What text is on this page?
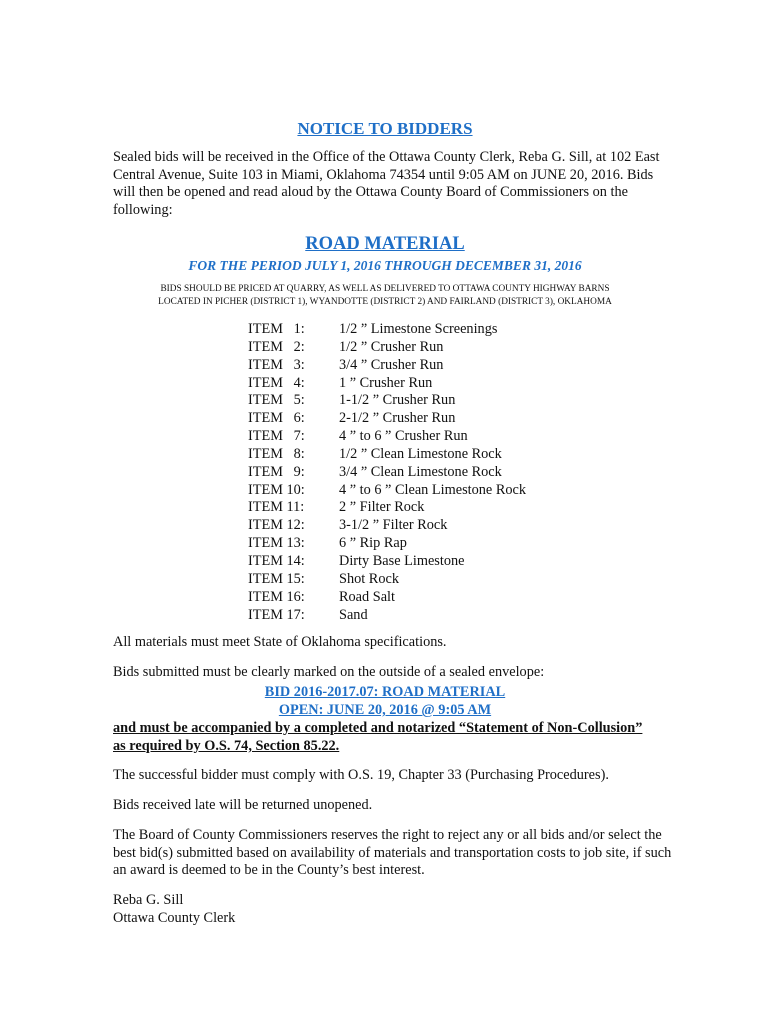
NOTICE TO BIDDERS
Sealed bids will be received in the Office of the Ottawa County Clerk, Reba G. Sill, at 102 East Central Avenue, Suite 103 in Miami, Oklahoma 74354 until 9:05 AM on JUNE 20, 2016. Bids will then be opened and read aloud by the Ottawa County Board of Commissioners on the following:
ROAD MATERIAL
FOR THE PERIOD JULY 1, 2016 THROUGH DECEMBER 31, 2016
BIDS SHOULD BE PRICED AT QUARRY, AS WELL AS DELIVERED TO OTTAWA COUNTY HIGHWAY BARNS
LOCATED IN PICHER (DISTRICT 1), WYANDOTTE (DISTRICT 2) AND FAIRLAND (DISTRICT 3), OKLAHOMA
ITEM   1:	1/2 ” Limestone Screenings
ITEM   2:	1/2 ” Crusher Run
ITEM   3:	3/4 ” Crusher Run
ITEM   4:	1 ” Crusher Run
ITEM   5:	1-1/2 ” Crusher Run
ITEM   6:	2-1/2 ” Crusher Run
ITEM   7:	4 ” to 6 ” Crusher Run
ITEM   8:	1/2 ” Clean Limestone Rock
ITEM   9:	3/4 ” Clean Limestone Rock
ITEM 10:	4 ” to 6 ” Clean Limestone Rock
ITEM 11:	2 ” Filter Rock
ITEM 12:	3-1/2 ” Filter Rock
ITEM 13:	6 ” Rip Rap
ITEM 14:	Dirty Base Limestone
ITEM 15:	Shot Rock
ITEM 16:	Road Salt
ITEM 17:	Sand
All materials must meet State of Oklahoma specifications.
Bids submitted must be clearly marked on the outside of a sealed envelope:
BID 2016-2017.07: ROAD MATERIAL
OPEN: JUNE 20, 2016 @ 9:05 AM
and must be accompanied by a completed and notarized “Statement of Non-Collusion” as required by O.S. 74, Section 85.22.
The successful bidder must comply with O.S. 19, Chapter 33 (Purchasing Procedures).
Bids received late will be returned unopened.
The Board of County Commissioners reserves the right to reject any or all bids and/or select the best bid(s) submitted based on availability of materials and transportation costs to job site, if such an award is deemed to be in the County’s best interest.
Reba G. Sill
Ottawa County Clerk
